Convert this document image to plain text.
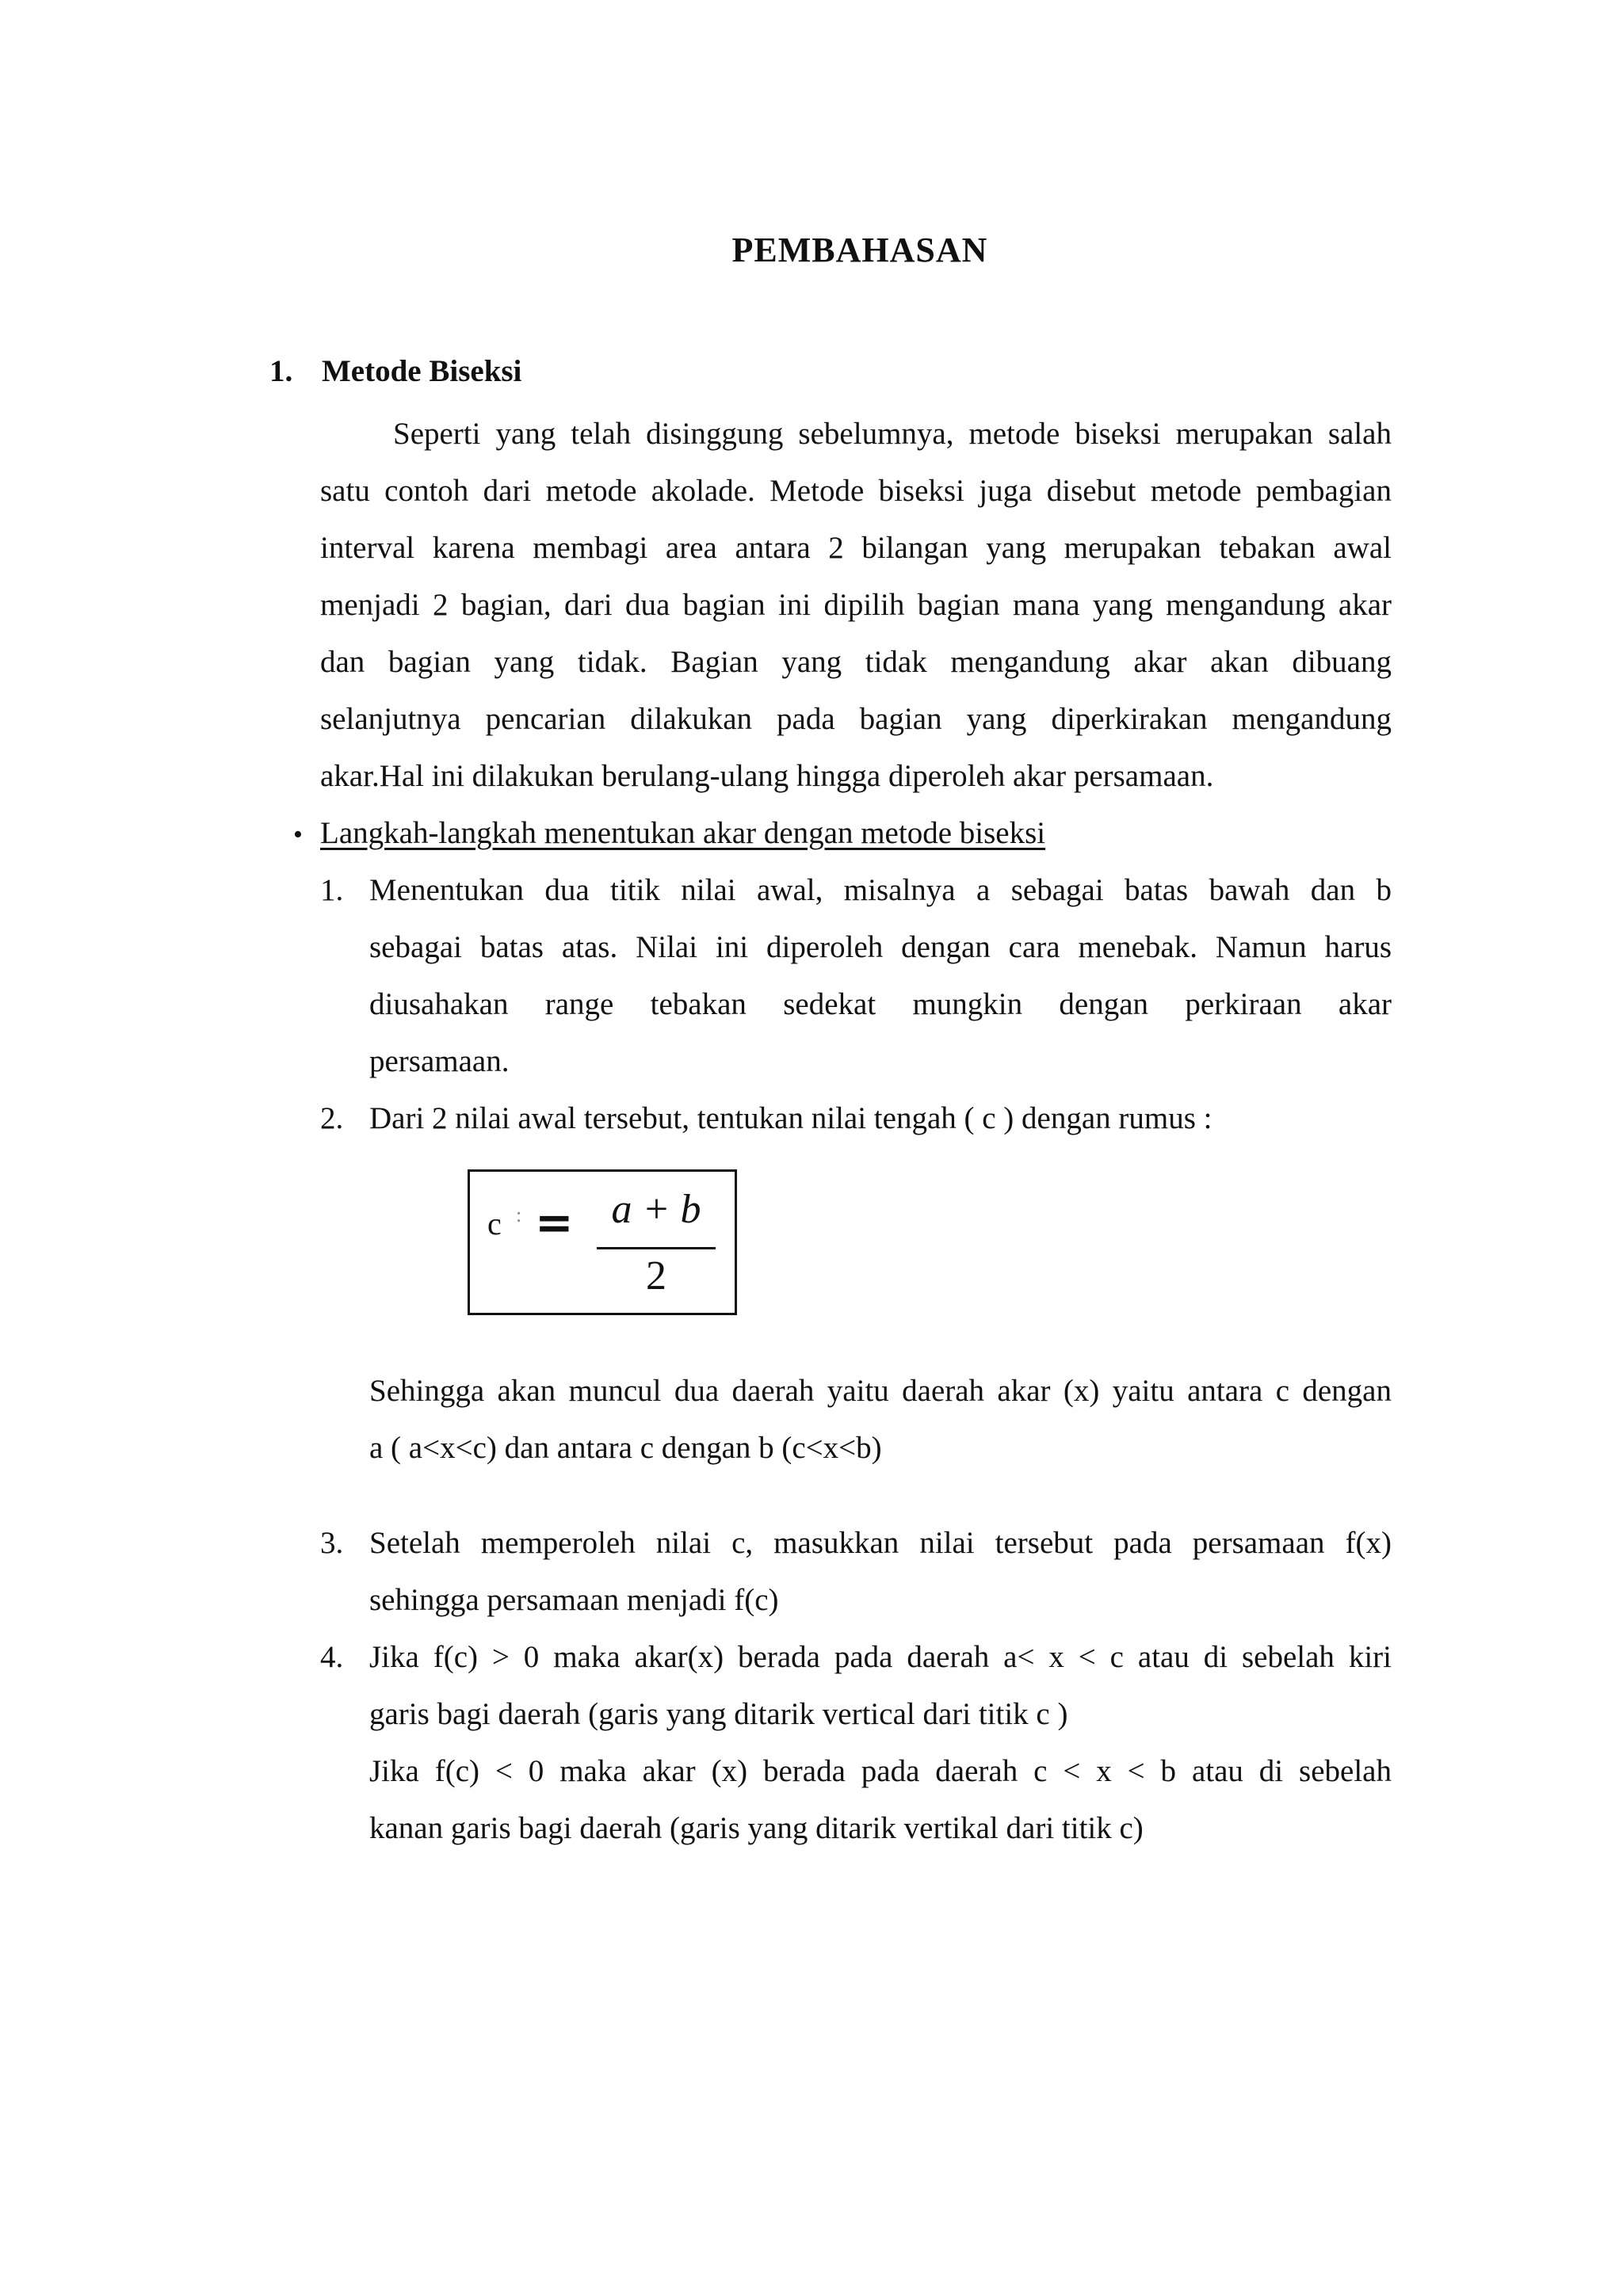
PEMBAHASAN
1. Metode Biseksi
Seperti yang telah disinggung sebelumnya, metode biseksi merupakan salah
satu contoh dari metode akolade. Metode biseksi juga disebut metode pembagian
interval karena membagi area antara 2 bilangan yang merupakan tebakan awal
menjadi 2 bagian, dari dua bagian ini dipilih bagian mana yang mengandung akar
dan bagian yang tidak. Bagian yang tidak mengandung akar akan dibuang
selanjutnya pencarian dilakukan pada bagian yang diperkirakan mengandung
akar.Hal ini dilakukan berulang-ulang hingga diperoleh akar persamaan.
• Langkah-langkah menentukan akar dengan metode biseksi
1. Menentukan dua titik nilai awal, misalnya a sebagai batas bawah dan b
sebagai batas atas. Nilai ini diperoleh dengan cara menebak. Namun harus
diusahakan range tebakan sedekat mungkin dengan perkiraan akar
persamaan.
2. Dari 2 nilai awal tersebut, tentukan nilai tengah ( c ) dengan rumus :
c : = a + b
2
Sehingga akan muncul dua daerah yaitu daerah akar (x) yaitu antara c dengan
a ( a<x<c) dan antara c dengan b (c<x<b)
3. Setelah memperoleh nilai c, masukkan nilai tersebut pada persamaan f(x)
sehingga persamaan menjadi f(c)
4. Jika f(c) > 0 maka akar(x) berada pada daerah a< x < c atau di sebelah kiri
garis bagi daerah (garis yang ditarik vertical dari titik c )
Jika f(c) < 0 maka akar (x) berada pada daerah c < x < b atau di sebelah
kanan garis bagi daerah (garis yang ditarik vertikal dari titik c)
